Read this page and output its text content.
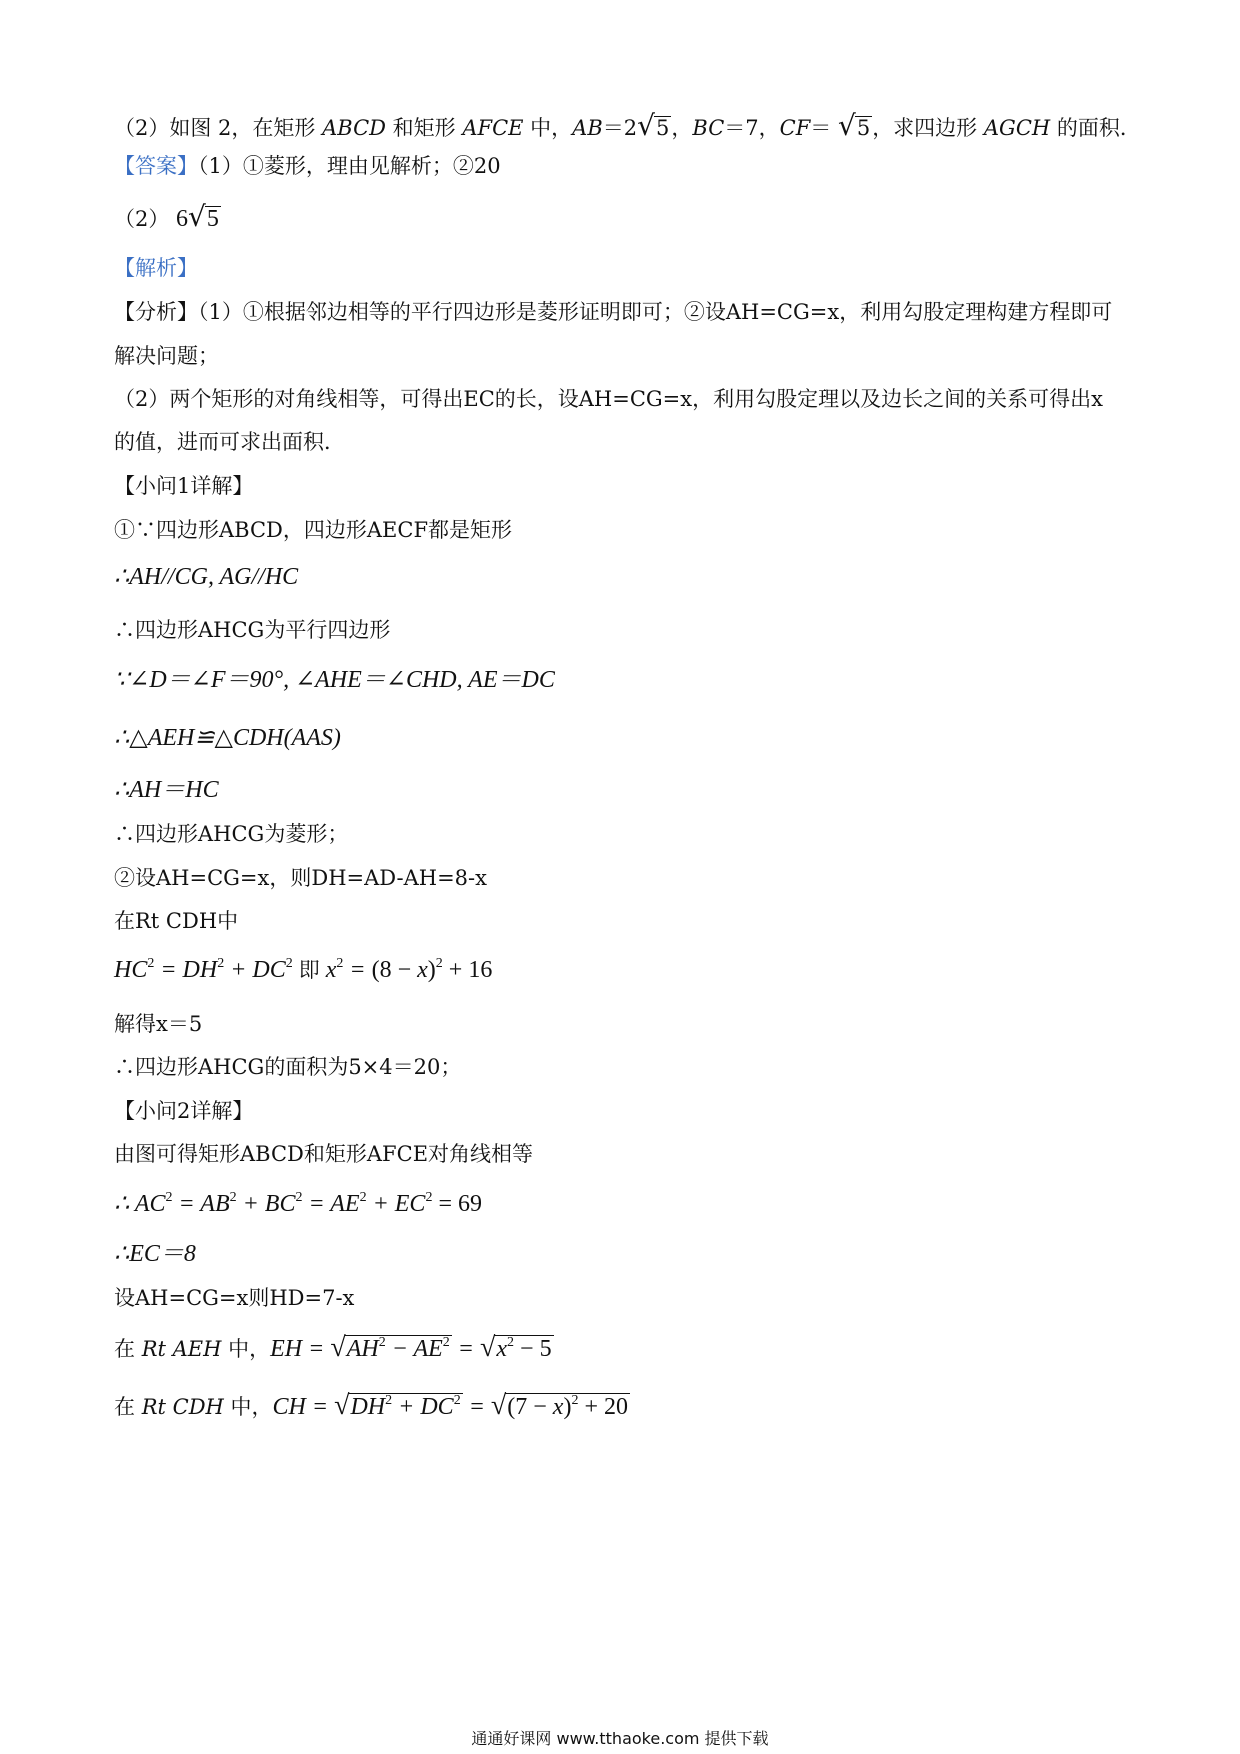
（2）如图 2，在矩形 ABCD 和矩形 AFCE 中，AB＝2√5，BC＝7，CF＝ √5，求四边形 AGCH 的面积．
【答案】（1）①菱形，理由见解析；②20
（2） 6√5
【解析】
【分析】（1）①根据邻边相等的平行四边形是菱形证明即可；②设AH=CG=x，利用勾股定理构建方程即可
解决问题；
（2）两个矩形的对角线相等，可得出EC的长，设AH=CG=x，利用勾股定理以及边长之间的关系可得出x
的值，进而可求出面积．
【小问1详解】
①∵四边形ABCD，四边形AECF都是矩形
∴AH//CG, AG//HC
∴四边形AHCG为平行四边形
∵∠D＝∠F＝90°, ∠AHE＝∠CHD, AE＝DC
∴△AEH≌△CDH(AAS)
∴AH＝HC
∴四边形AHCG为菱形；
②设AH=CG=x，则DH=AD-AH=8-x
在Rt CDH中
$HC^2 = DH^2 + DC^2$ 即 $x^2 = (8 - x)^2 + 16$
解得x＝5
∴四边形AHCG的面积为5×4＝20；
【小问2详解】
由图可得矩形ABCD和矩形AFCE对角线相等
∴ $AC^2 = AB^2 + BC^2 = AE^2 + EC^2 = 69$
∴EC＝8
设AH=CG=x则HD=7-x
在 Rt AEH 中，EH = $√AH^2 - AE^2 = √x^2 - 5$
在 Rt CDH 中，CH = $√DH^2 + DC^2 = √(7 - x)^2 + 20$
通通好课网 www.tthaoke.com 提供下载
